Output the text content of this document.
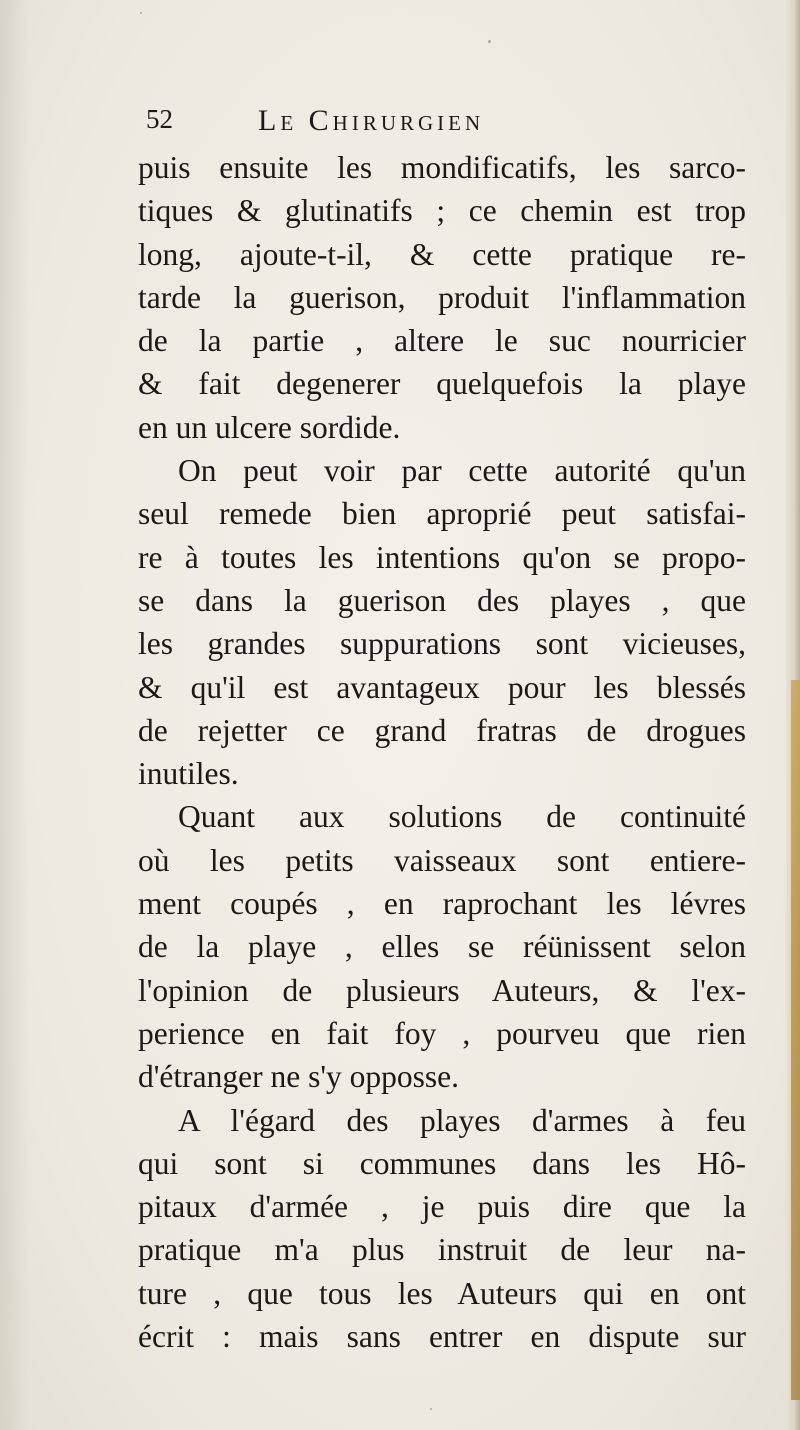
52	Le Chirurgien
puis ensuite les mondificatifs, les sarco-
tiques & glutinatifs ; ce chemin est trop
long, ajoute-t-il, & cette pratique re-
tarde la guerison, produit l'inflammation
de la partie , altere le suc nourricier
& fait degenerer quelquefois la playe
en un ulcere sordide.
On peut voir par cette autorité qu'un
seul remede bien aproprié peut satisfai-
re à toutes les intentions qu'on se propo-
se dans la guerison des playes , que
les grandes suppurations sont vicieuses,
& qu'il est avantageux pour les blessés
de rejetter ce grand fratras de drogues
inutiles.
Quant aux solutions de continuité
où les petits vaisseaux sont entiere-
ment coupés , en raprochant les lévres
de la playe , elles se réünissent selon
l'opinion de plusieurs Auteurs, & l'ex-
perience en fait foy , pourveu que rien
d'étranger ne s'y opposse.
A l'égard des playes d'armes à feu
qui sont si communes dans les Hô-
pitaux d'armée , je puis dire que la
pratique m'a plus instruit de leur na-
ture , que tous les Auteurs qui en ont
écrit : mais sans entrer en dispute sur
